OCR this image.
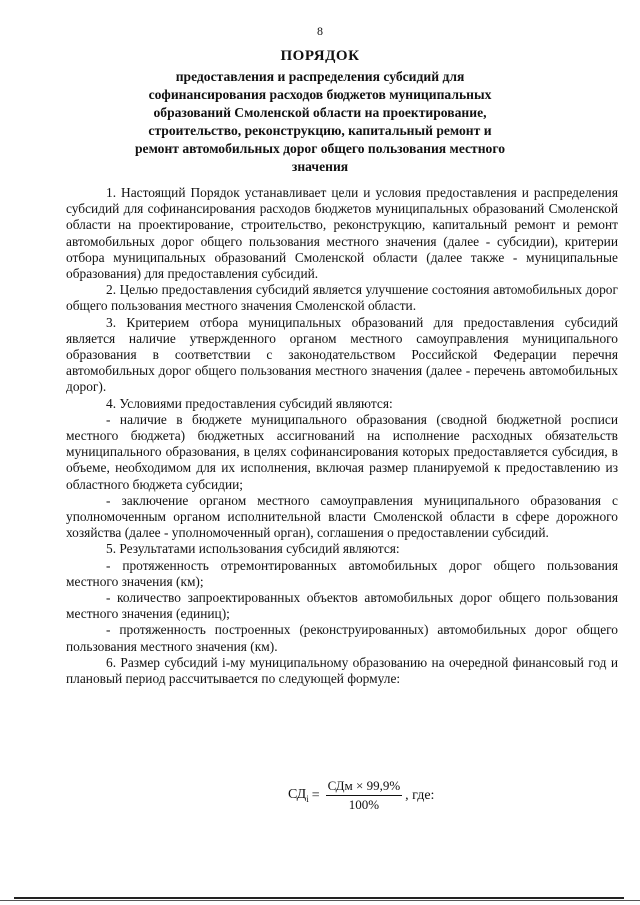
8
ПОРЯДОК
предоставления и распределения субсидий для софинансирования расходов бюджетов муниципальных образований Смоленской области на проектирование, строительство, реконструкцию, капитальный ремонт и ремонт автомобильных дорог общего пользования местного значения

1. Настоящий Порядок устанавливает цели и условия предоставления и распределения субсидий для софинансирования расходов бюджетов муниципальных образований Смоленской области на проектирование, строительство, реконструкцию, капитальный ремонт и ремонт автомобильных дорог общего пользования местного значения (далее - субсидии), критерии отбора муниципальных образований Смоленской области (далее также - муниципальные образования) для предоставления субсидий.

2. Целью предоставления субсидий является улучшение состояния автомобильных дорог общего пользования местного значения Смоленской области.

3. Критерием отбора муниципальных образований для предоставления субсидий является наличие утвержденного органом местного самоуправления муниципального образования в соответствии с законодательством Российской Федерации перечня автомобильных дорог общего пользования местного значения (далее - перечень автомобильных дорог).

4. Условиями предоставления субсидий являются:

- наличие в бюджете муниципального образования (сводной бюджетной росписи местного бюджета) бюджетных ассигнований на исполнение расходных обязательств муниципального образования, в целях софинансирования которых предоставляется субсидия, в объеме, необходимом для их исполнения, включая размер планируемой к предоставлению из областного бюджета субсидии;

- заключение органом местного самоуправления муниципального образования с уполномоченным органом исполнительной власти Смоленской области в сфере дорожного хозяйства (далее - уполномоченный орган), соглашения о предоставлении субсидий.

5. Результатами использования субсидий являются:

- протяженность отремонтированных автомобильных дорог общего пользования местного значения (км);

- количество запроектированных объектов автомобильных дорог общего пользования местного значения (единиц);

- протяженность построенных (реконструированных) автомобильных дорог общего пользования местного значения (км).

6. Размер субсидий i-му муниципальному образованию на очередной финансовый год и плановый период рассчитывается по следующей формуле:

$СД_i = \frac{\text{СДм × 99,9\%}}{100\%}$ , где:
